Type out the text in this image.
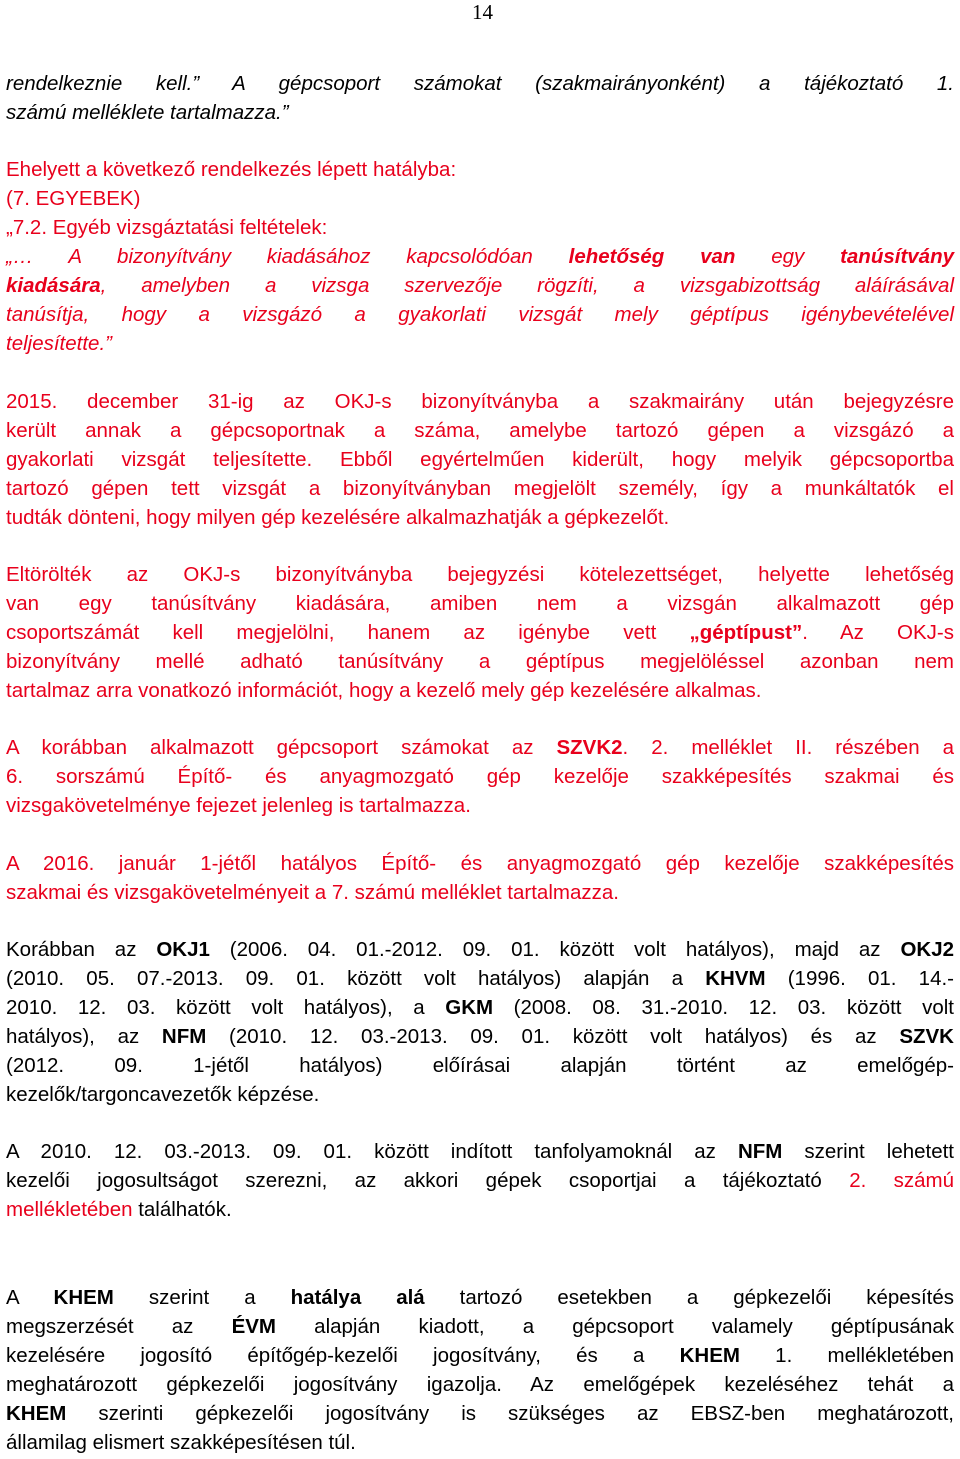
14
rendelkeznie kell.” A gépcsoport számokat (szakmairányonként) a tájékoztató 1.
számú melléklete tartalmazza.”
Ehelyett a következő rendelkezés lépett hatályba:
(7. EGYEBEK)
„7.2. Egyéb vizsgáztatási feltételek:
„… A bizonyítvány kiadásához kapcsolódóan lehetőség van egy tanúsítvány
kiadására, amelyben a vizsga szervezője rögzíti, a vizsgabizottság aláírásával
tanúsítja, hogy a vizsgázó a gyakorlati vizsgát mely géptípus igénybevételével
teljesítette.”
2015. december 31-ig az OKJ-s bizonyítványba a szakmairány után bejegyzésre
került annak a gépcsoportnak a száma, amelybe tartozó gépen a vizsgázó a
gyakorlati vizsgát teljesítette. Ebből egyértelműen kiderült, hogy melyik gépcsoportba
tartozó gépen tett vizsgát a bizonyítványban megjelölt személy, így a munkáltatók el
tudták dönteni, hogy milyen gép kezelésére alkalmazhatják a gépkezelőt.
Eltörölték az OKJ-s bizonyítványba bejegyzési kötelezettséget, helyette lehetőség
van egy tanúsítvány kiadására, amiben nem a vizsgán alkalmazott gép
csoportszámát kell megjelölni, hanem az igénybe vett „géptípust”. Az OKJ-s
bizonyítvány mellé adható tanúsítvány a géptípus megjelöléssel azonban nem
tartalmaz arra vonatkozó információt, hogy a kezelő mely gép kezelésére alkalmas.
A korábban alkalmazott gépcsoport számokat az SZVK2. 2. melléklet II. részében a
6. sorszámú Építő- és anyagmozgató gép kezelője szakképesítés szakmai és
vizsgakövetelménye fejezet jelenleg is tartalmazza.
A 2016. január 1-jétől hatályos Építő- és anyagmozgató gép kezelője szakképesítés
szakmai és vizsgakövetelményeit a 7. számú melléklet tartalmazza.
Korábban az OKJ1 (2006. 04. 01.-2012. 09. 01. között volt hatályos), majd az OKJ2
(2010. 05. 07.-2013. 09. 01. között volt hatályos) alapján a KHVM (1996. 01. 14.-
2010. 12. 03. között volt hatályos), a GKM (2008. 08. 31.-2010. 12. 03. között volt
hatályos), az NFM (2010. 12. 03.-2013. 09. 01. között volt hatályos) és az SZVK
(2012. 09. 1-jétől hatályos) előírásai alapján történt az emelőgép-
kezelők/targoncavezetők képzése.
A 2010. 12. 03.-2013. 09. 01. között indított tanfolyamoknál az NFM szerint lehetett
kezelői jogosultságot szerezni, az akkori gépek csoportjai a tájékoztató 2. számú
mellékletében találhatók.
A KHEM szerint a hatálya alá tartozó esetekben a gépkezelői képesítés
megszerzését az ÉVM alapján kiadott, a gépcsoport valamely géptípusának
kezelésére jogosító építőgép-kezelői jogosítvány, és a KHEM 1. mellékletében
meghatározott gépkezelői jogosítvány igazolja. Az emelőgépek kezeléséhez tehát a
KHEM szerinti gépkezelői jogosítvány is szükséges az EBSZ-ben meghatározott,
államilag elismert szakképesítésen túl.
